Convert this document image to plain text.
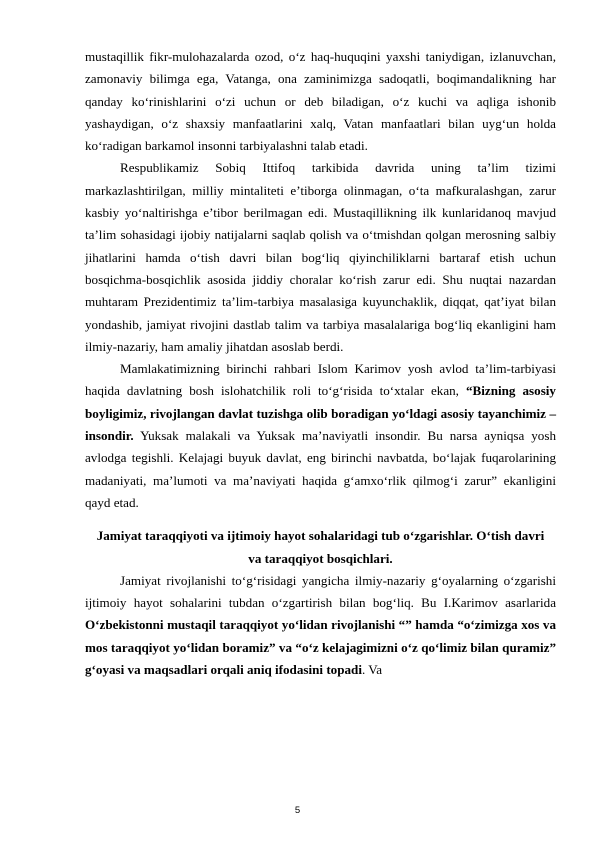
mustaqillik fikr-mulohazalarda ozod, o‘z haq-huquqini yaxshi taniydigan, izlanuvchan, zamonaviy bilimga ega, Vatanga, ona zaminimizga sadoqatli, boqimandalikning har qanday ko‘rinishlarini o‘zi uchun or deb biladigan, o‘z kuchi va aqliga ishonib yashaydigan, o‘z shaxsiy manfaatlarini xalq, Vatan manfaatlari bilan uyg‘un holda ko‘radigan barkamol insonni tarbiyalashni talab etadi.

Respublikamiz Sobiq Ittifoq tarkibida davrida uning ta’lim tizimi markazlashtirilgan, milliy mintaliteti e’tiborga olinmagan, o‘ta mafkuralashgan, zarur kasbiy yo‘naltirishga e’tibor berilmagan edi. Mustaqillikning ilk kunlaridanoq mavjud ta’lim sohasidagi ijobiy natijalarni saqlab qolish va o‘tmishdan qolgan merosning salbiy jihatlarini hamda o‘tish davri bilan bog‘liq qiyinchiliklarni bartaraf etish uchun bosqichma-bosqichlik asosida jiddiy choralar ko‘rish zarur edi. Shu nuqtai nazardan muhtaram Prezidentimiz ta’lim-tarbiya masalasiga kuyunchaklik, diqqat, qat’iyat bilan yondashib, jamiyat rivojini dastlab talim va tarbiya masalalariga bog‘liq ekanligini ham ilmiy-nazariy, ham amaliy jihatdan asoslab berdi.

Mamlakatimizning birinchi rahbari Islom Karimov yosh avlod ta’lim-tarbiyasi haqida davlatning bosh islohatchilik roli to‘g‘risida to‘xtalar ekan, “Bizning asosiy boyligimiz, rivojlangan davlat tuzishga olib boradigan yo‘ldagi asosiy tayanchimiz – insondir. Yuksak malakali va Yuksak ma’naviyatli insondir. Bu narsa ayniqsa yosh avlodga tegishli. Kelajagi buyuk davlat, eng birinchi navbatda, bo‘lajak fuqarolarining madaniyati, ma’lumoti va ma’naviyati haqida g‘amxo‘rlik qilmog‘i zarur” ekanligini qayd etad.

Jamiyat taraqqiyoti va ijtimoiy hayot sohalaridagi tub o‘zgarishlar. O‘tish davri va taraqqiyot bosqichlari.

Jamiyat rivojlanishi to‘g‘risidagi yangicha ilmiy-nazariy g‘oyalarning o‘zgarishi ijtimoiy hayot sohalarini tubdan o‘zgartirish bilan bog‘liq. Bu I.Karimov asarlarida O‘zbekistonni mustaqil taraqqiyot yo‘lidan rivojlanishi “” hamda “o‘zimizga xos va mos taraqqiyot yo‘lidan boramiz” va “o‘z kelajagimizni o‘z qo‘limiz bilan quramiz” g‘oyasi va maqsadlari orqali aniq ifodasini topadi. Va

5
